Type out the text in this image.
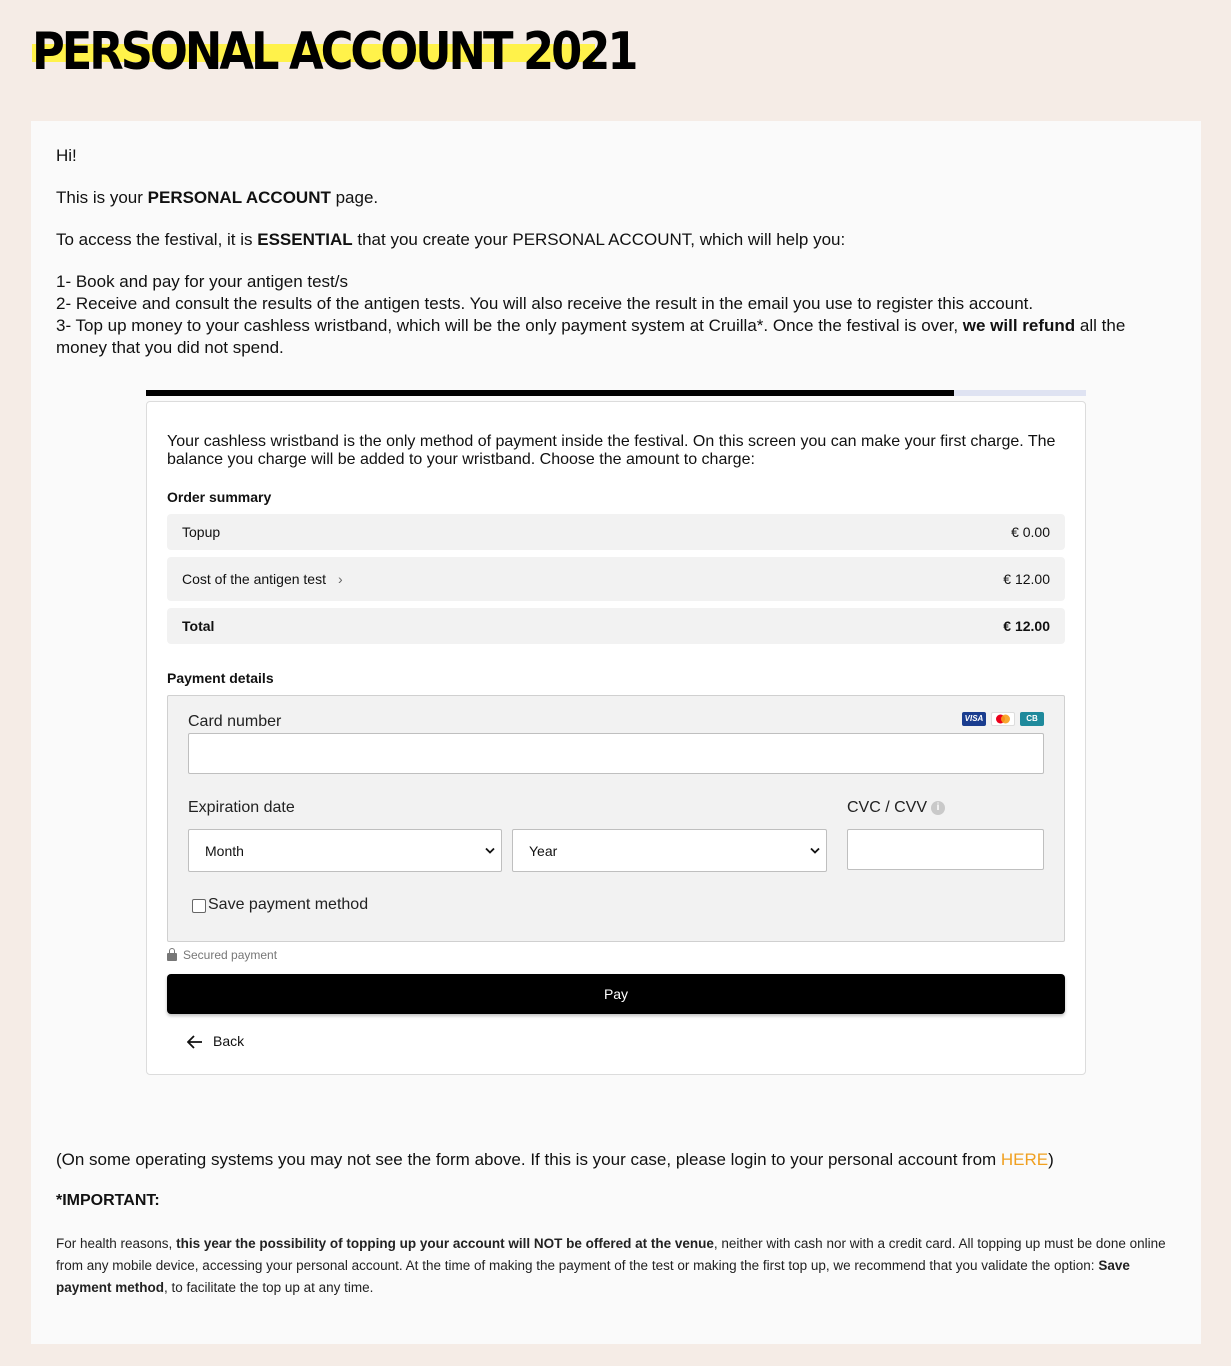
PERSONAL ACCOUNT 2021

Hi!

This is your PERSONAL ACCOUNT page.

To access the festival, it is ESSENTIAL that you create your PERSONAL ACCOUNT, which will help you:

1- Book and pay for your antigen test/s

2- Receive and consult the results of the antigen tests. You will also receive the result in the email you use to register this account.

3- Top up money to your cashless wristband, which will be the only payment system at Cruilla*. Once the festival is over, we will refund all the money that you did not spend.

Your cashless wristband is the only method of payment inside the festival. On this screen you can make your first charge. The balance you charge will be added to your wristband. Choose the amount to charge:
Order summary
Topup	€ 0.00
Cost of the antigen test ›	€ 12.00
Total	€ 12.00
Payment details
Card number	VISA	CB
Expiration date
Month	Year
CVC / CVV i
Save payment method
Secured payment
Pay
Back
(On some operating systems you may not see the form above. If this is your case, please login to your personal account from HERE)
*IMPORTANT:
For health reasons, this year the possibility of topping up your account will NOT be offered at the venue, neither with cash nor with a credit card. All topping up must be done online from any mobile device, accessing your personal account. At the time of making the payment of the test or making the first top up, we recommend that you validate the option: Save payment method, to facilitate the top up at any time.
